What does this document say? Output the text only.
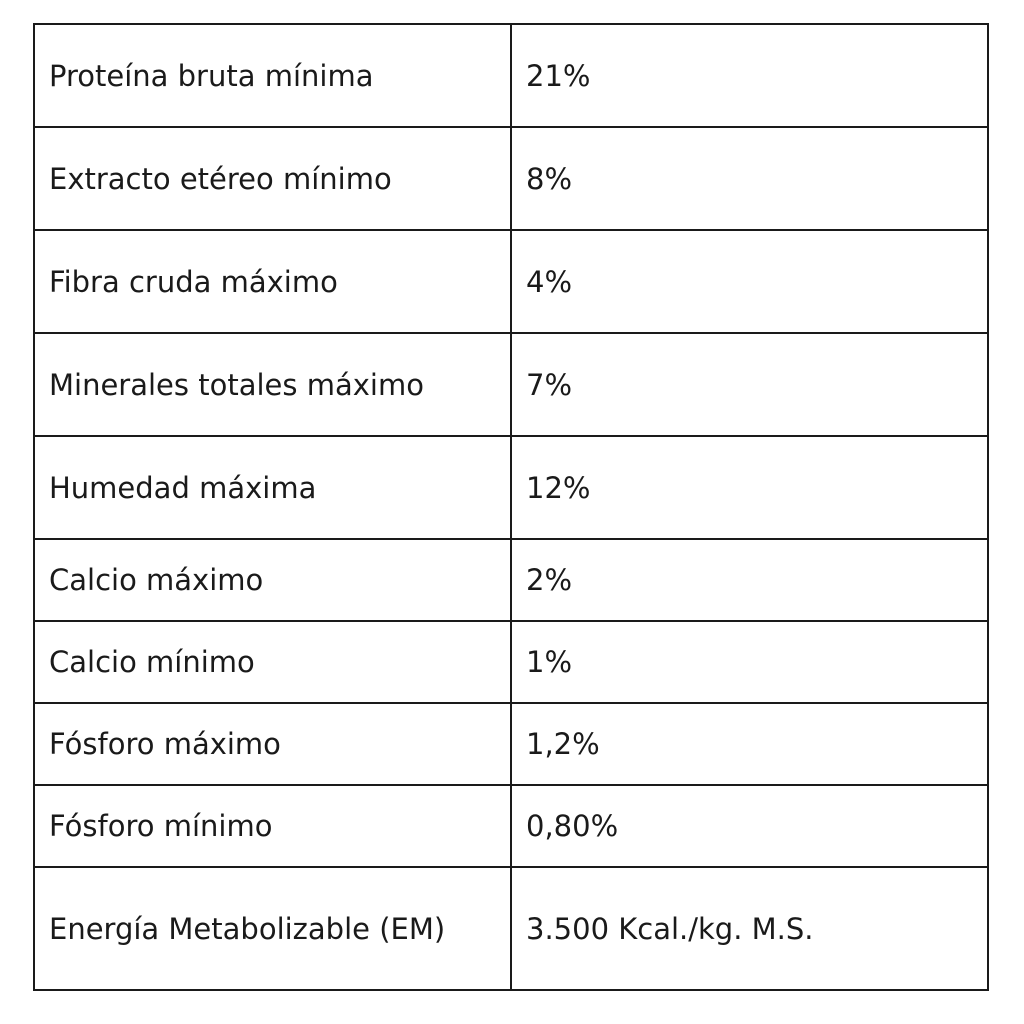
Proteína bruta mínima	21%
Extracto etéreo mínimo	8%
Fibra cruda máximo	4%
Minerales totales máximo	7%
Humedad máxima	12%
Calcio máximo	2%
Calcio mínimo	1%
Fósforo máximo	1,2%
Fósforo mínimo	0,80%
Energía Metabolizable (EM)	3.500 Kcal./kg. M.S.
